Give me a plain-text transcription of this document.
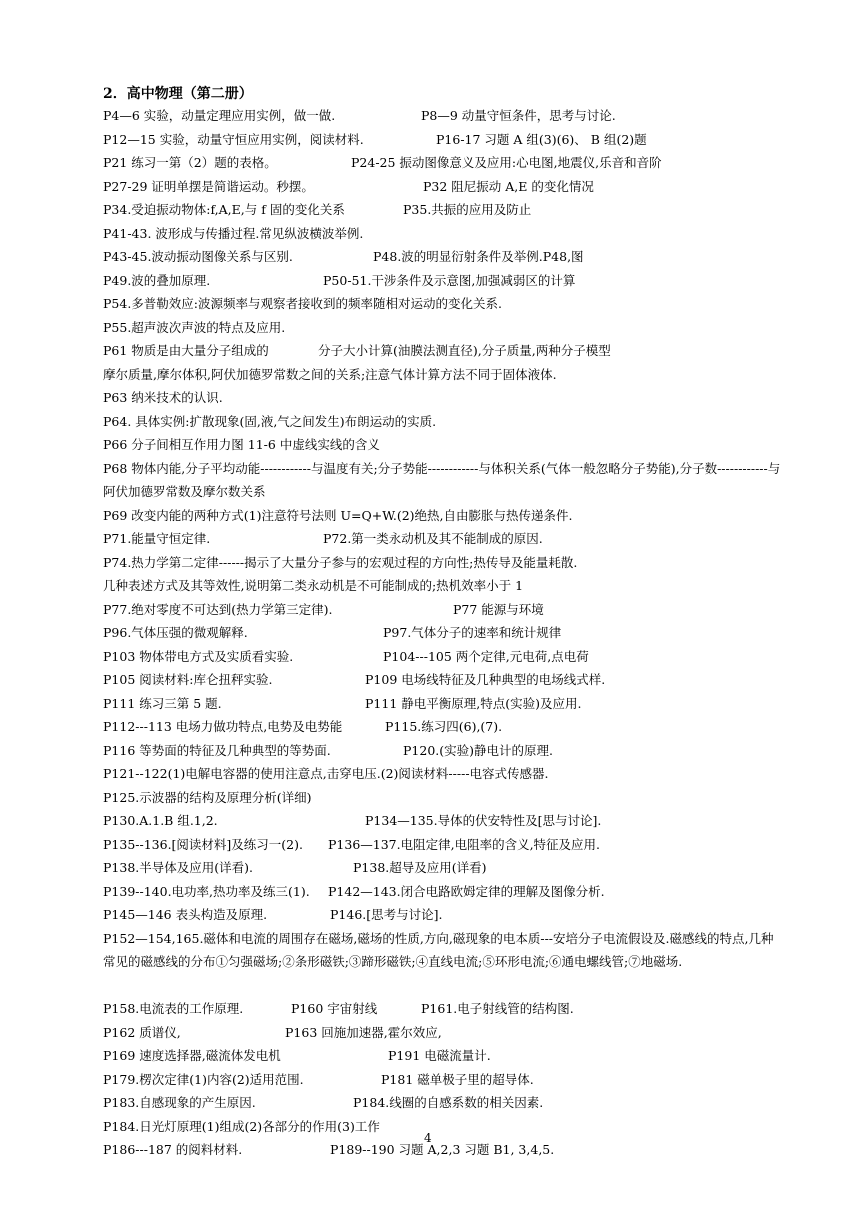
2．高中物理（第二册）
P4—6 实验，动量定理应用实例，做一做.	P8—9 动量守恒条件，思考与讨论.
P12—15 实验，动量守恒应用实例，阅读材料.	P16-17 习题 A 组(3)(6)、 B 组(2)题
P21 练习一第（2）题的表格。	P24-25 振动图像意义及应用:心电图,地震仪,乐音和音阶
P27-29 证明单摆是简谐运动。秒摆。	P32 阻尼振动 A,E 的变化情况
P34.受迫振动物体:f,A,E,与 f 固的变化关系	P35.共振的应用及防止
P41-43. 波形成与传播过程.常见纵波横波举例.
P43-45.波动振动图像关系与区别.	P48.波的明显衍射条件及举例.P48,图
P49.波的叠加原理.	P50-51.干涉条件及示意图,加强减弱区的计算
P54.多普勒效应:波源频率与观察者接收到的频率随相对运动的变化关系.
P55.超声波次声波的特点及应用.
P61 物质是由大量分子组成的	分子大小计算(油膜法测直径),分子质量,两种分子模型
摩尔质量,摩尔体积,阿伏加德罗常数之间的关系;注意气体计算方法不同于固体液体.
P63 纳米技术的认识.
P64. 具体实例:扩散现象(固,液,气之间发生)布朗运动的实质.
P66 分子间相互作用力图 11-6 中虚线实线的含义
P68 物体内能,分子平均动能------------与温度有关;分子势能------------与体积关系(气体一般忽略分子势能),分子数------------与阿伏加德罗常数及摩尔数关系
P69 改变内能的两种方式(1)注意符号法则 U=Q+W.(2)绝热,自由膨胀与热传递条件.
P71.能量守恒定律.	P72.第一类永动机及其不能制成的原因.
P74.热力学第二定律------揭示了大量分子参与的宏观过程的方向性;热传导及能量耗散.
几种表述方式及其等效性,说明第二类永动机是不可能制成的;热机效率小于 1
P77.绝对零度不可达到(热力学第三定律).	P77 能源与环境
P96.气体压强的微观解释.	P97.气体分子的速率和统计规律
P103 物体带电方式及实质看实验.	P104---105 两个定律,元电荷,点电荷
P105 阅读材料:库仑扭秤实验.	P109 电场线特征及几种典型的电场线式样.
P111 练习三第 5 题.	P111 静电平衡原理,特点(实验)及应用.
P112---113 电场力做功特点,电势及电势能	P115.练习四(6),(7).
P116 等势面的特征及几种典型的等势面.	P120.(实验)静电计的原理.
P121--122(1)电解电容器的使用注意点,击穿电压.(2)阅读材料-----电容式传感器.
P125.示波器的结构及原理分析(详细)
P130.A.1.B 组.1,2.	P134—135.导体的伏安特性及[思与讨论].
P135--136.[阅读材料]及练习一(2). P136—137.电阻定律,电阻率的含义,特征及应用.
P138.半导体及应用(详看).	P138.超导及应用(详看)
P139--140.电功率,热功率及练三(1). P142—143.闭合电路欧姆定律的理解及图像分析.
P145—146 表头构造及原理.	P146.[思考与讨论].
P152—154,165.磁体和电流的周围存在磁场,磁场的性质,方向,磁现象的电本质---安培分子电流假设及.磁感线的特点,几种常见的磁感线的分布①匀强磁场;②条形磁铁;③蹄形磁铁;④直线电流;⑤环形电流;⑥通电螺线管;⑦地磁场.
P158.电流表的工作原理.	P160 宇宙射线	P161.电子射线管的结构图.
P162 质谱仪,	P163 回施加速器,霍尔效应,
P169 速度选择器,磁流体发电机	P191 电磁流量计.
P179.楞次定律(1)内容(2)适用范围.	P181 磁单极子里的超导体.
P183.自感现象的产生原因.	P184.线圈的自感系数的相关因素.
P184.日光灯原理(1)组成(2)各部分的作用(3)工作
P186---187 的阅料材料.	P189--190 习题 A,2,3 习题 B1, 3,4,5.
4
